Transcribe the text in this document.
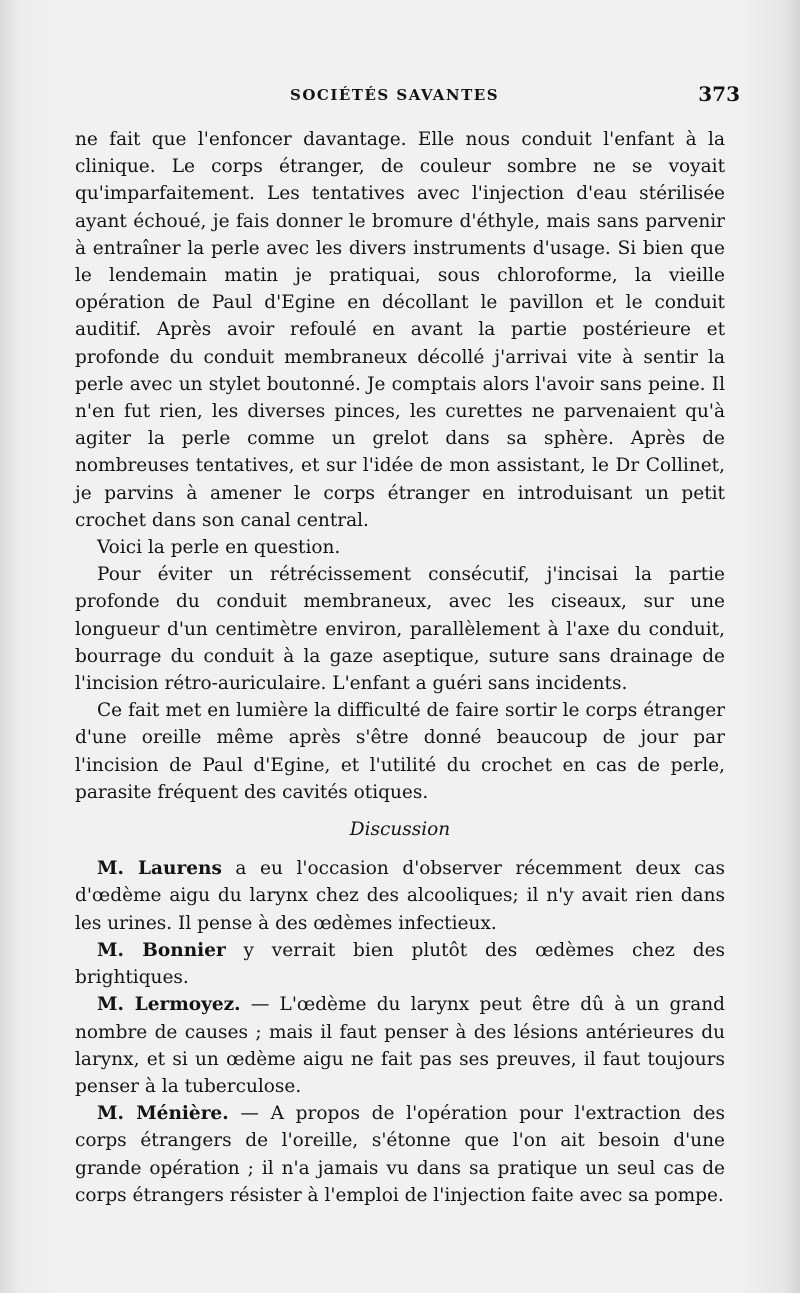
SOCIÉTÉS SAVANTES	373

ne fait que l'enfoncer davantage. Elle nous conduit l'enfant à la clinique. Le corps étranger, de couleur sombre ne se voyait qu'imparfaitement. Les tentatives avec l'injection d'eau stérilisée ayant échoué, je fais donner le bromure d'éthyle, mais sans parvenir à entraîner la perle avec les divers instruments d'usage. Si bien que le lendemain matin je pratiquai, sous chloroforme, la vieille opération de Paul d'Egine en décollant le pavillon et le conduit auditif. Après avoir refoulé en avant la partie postérieure et profonde du conduit membraneux décollé j'arrivai vite à sentir la perle avec un stylet boutonné. Je comptais alors l'avoir sans peine. Il n'en fut rien, les diverses pinces, les curettes ne parvenaient qu'à agiter la perle comme un grelot dans sa sphère. Après de nombreuses tentatives, et sur l'idée de mon assistant, le Dr Collinet, je parvins à amener le corps étranger en introduisant un petit crochet dans son canal central.

Voici la perle en question.

Pour éviter un rétrécissement consécutif, j'incisai la partie profonde du conduit membraneux, avec les ciseaux, sur une longueur d'un centimètre environ, parallèlement à l'axe du conduit, bourrage du conduit à la gaze aseptique, suture sans drainage de l'incision rétro-auriculaire. L'enfant a guéri sans incidents.

Ce fait met en lumière la difficulté de faire sortir le corps étranger d'une oreille même après s'être donné beaucoup de jour par l'incision de Paul d'Egine, et l'utilité du crochet en cas de perle, parasite fréquent des cavités otiques.

Discussion

M. Laurens a eu l'occasion d'observer récemment deux cas d'œdème aigu du larynx chez des alcooliques; il n'y avait rien dans les urines. Il pense à des œdèmes infectieux.

M. Bonnier y verrait bien plutôt des œdèmes chez des brightiques.

M. Lermoyez. — L'œdème du larynx peut être dû à un grand nombre de causes ; mais il faut penser à des lésions antérieures du larynx, et si un œdème aigu ne fait pas ses preuves, il faut toujours penser à la tuberculose.

M. Ménière. — A propos de l'opération pour l'extraction des corps étrangers de l'oreille, s'étonne que l'on ait besoin d'une grande opération ; il n'a jamais vu dans sa pratique un seul cas de corps étrangers résister à l'emploi de l'injection faite avec sa pompe.
